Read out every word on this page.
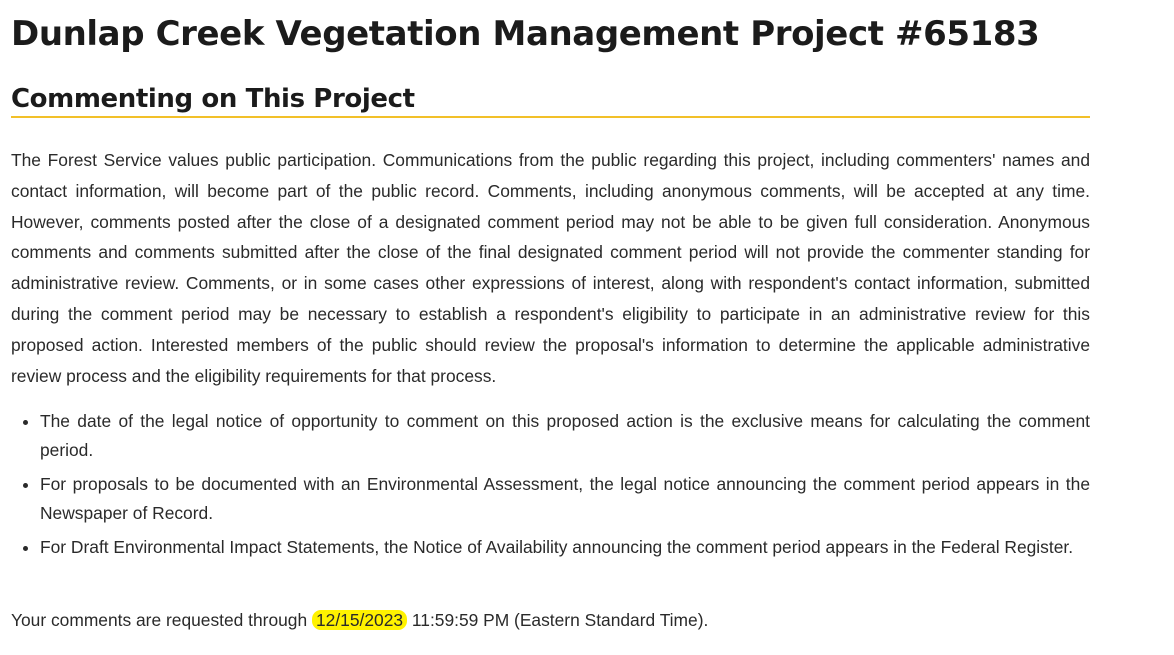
Dunlap Creek Vegetation Management Project #65183
Commenting on This Project

The Forest Service values public participation. Communications from the public regarding this project, including commenters' names and contact information, will become part of the public record. Comments, including anonymous comments, will be accepted at any time. However, comments posted after the close of a designated comment period may not be able to be given full consideration. Anonymous comments and comments submitted after the close of the final designated comment period will not provide the commenter standing for administrative review. Comments, or in some cases other expressions of interest, along with respondent's contact information, submitted during the comment period may be necessary to establish a respondent's eligibility to participate in an administrative review for this proposed action. Interested members of the public should review the proposal's information to determine the applicable administrative review process and the eligibility requirements for that process.

• The date of the legal notice of opportunity to comment on this proposed action is the exclusive means for calculating the comment period.
• For proposals to be documented with an Environmental Assessment, the legal notice announcing the comment period appears in the Newspaper of Record.
• For Draft Environmental Impact Statements, the Notice of Availability announcing the comment period appears in the Federal Register.

Your comments are requested through 12/15/2023 11:59:59 PM (Eastern Standard Time).
